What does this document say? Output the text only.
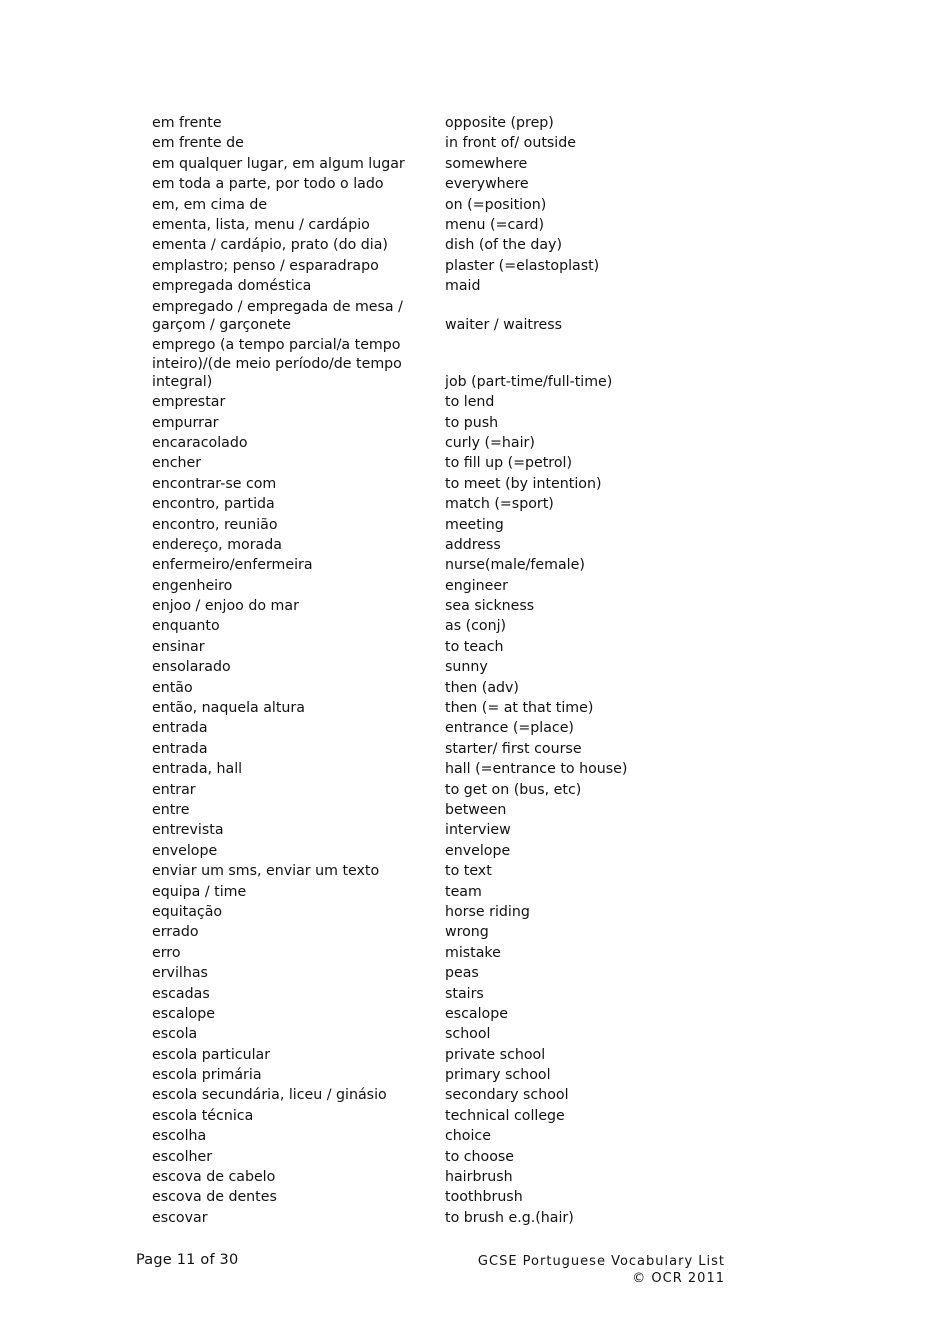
em frente	opposite (prep)
em frente de	in front of/ outside
em qualquer lugar, em algum lugar	somewhere
em toda a parte, por todo o lado	everywhere
em, em cima de	on (=position)
ementa, lista, menu / cardápio	menu (=card)
ementa / cardápio, prato (do dia)	dish (of the day)
emplastro; penso / esparadrapo	plaster (=elastoplast)
empregada doméstica	maid
empregado / empregada de mesa / garçom / garçonete	waiter / waitress
emprego (a tempo parcial/a tempo inteiro)/(de meio período/de tempo integral)	job (part-time/full-time)
emprestar	to lend
empurrar	to push
encaracolado	curly (=hair)
encher	to fill up (=petrol)
encontrar-se com	to meet (by intention)
encontro, partida	match (=sport)
encontro, reunião	meeting
endereço, morada	address
enfermeiro/enfermeira	nurse(male/female)
engenheiro	engineer
enjoo / enjoo do mar	sea sickness
enquanto	as (conj)
ensinar	to teach
ensolarado	sunny
então	then (adv)
então, naquela altura	then (= at that time)
entrada	entrance (=place)
entrada	starter/ first course
entrada, hall	hall (=entrance to house)
entrar	to get on (bus, etc)
entre	between
entrevista	interview
envelope	envelope
enviar um sms, enviar um texto	to text
equipa / time	team
equitação	horse riding
errado	wrong
erro	mistake
ervilhas	peas
escadas	stairs
escalope	escalope
escola	school
escola particular	private school
escola primária	primary school
escola secundária, liceu / ginásio	secondary school
escola técnica	technical college
escolha	choice
escolher	to choose
escova de cabelo	hairbrush
escova de dentes	toothbrush
escovar	to brush e.g.(hair)
Page 11 of 30	GCSE Portuguese Vocabulary List
© OCR 2011
